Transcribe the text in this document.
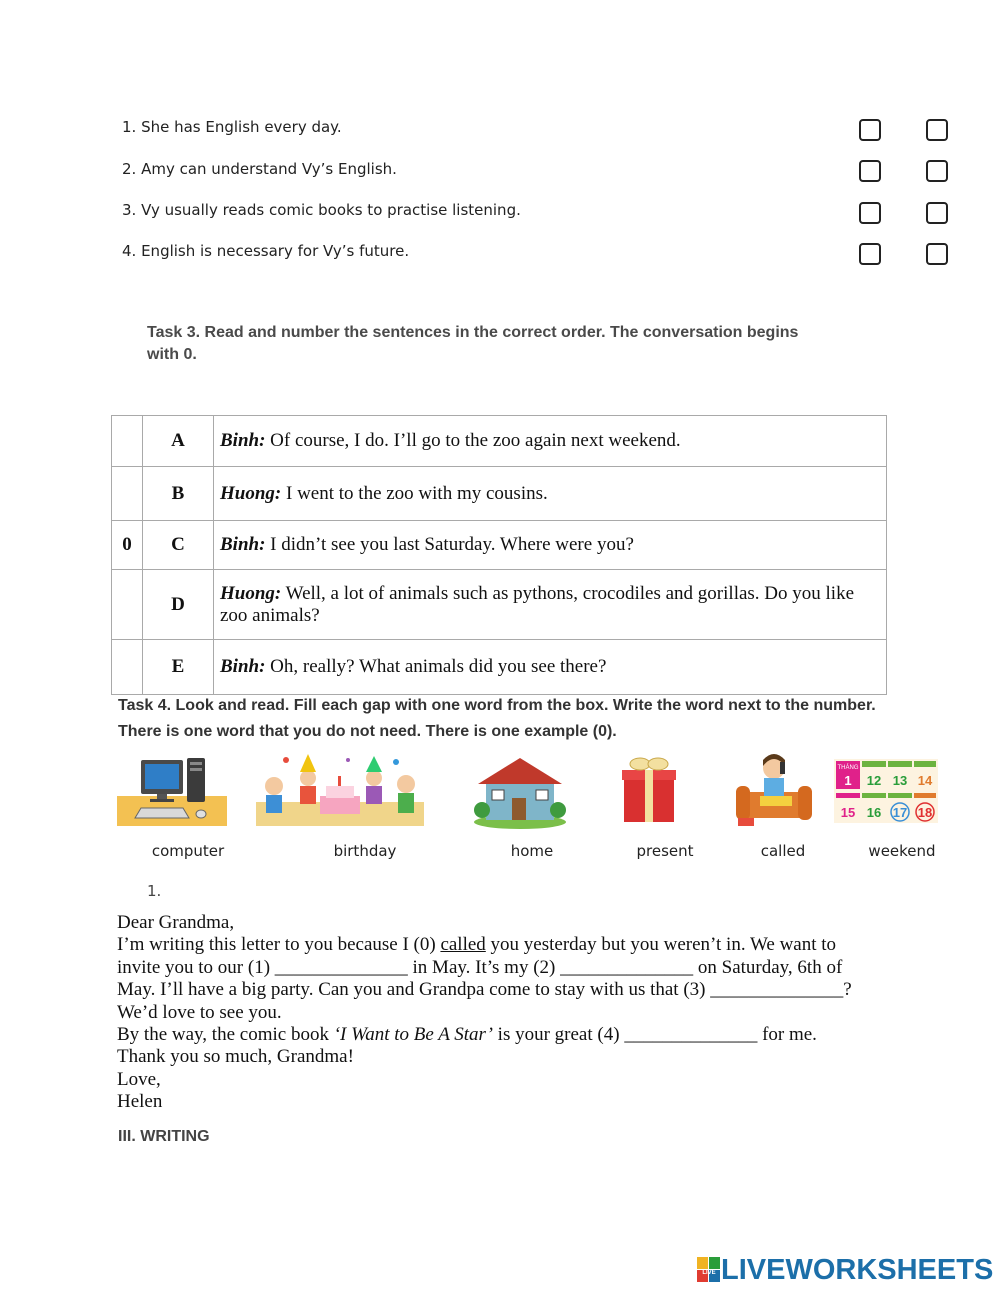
1. She has English every day.
2. Amy can understand Vy’s English.
3. Vy usually reads comic books to practise listening.
4. English is necessary for Vy’s future.
Task 3. Read and number the sentences in the correct order. The conversation begins
with 0.
	A	Binh: Of course, I do. I’ll go to the zoo again next weekend.
	B	Huong: I went to the zoo with my cousins.
0	C	Binh: I didn’t see you last Saturday. Where were you?
	D	Huong: Well, a lot of animals such as pythons, crocodiles and gorillas. Do you like zoo animals?
	E	Binh: Oh, really? What animals did you see there?
Task 4. Look and read. Fill each gap with one word from the box. Write the word next to the number. There is one word that you do not need. There is one example (0).
THÁNG
1 12 13 14
15 16 17 18
computer	birthday	home	present	called	weekend
1.

Dear Grandma,

I’m writing this letter to you because I (0) called you yesterday but you weren’t in. We want to

invite you to our (1) ______________ in May. It’s my (2) ______________ on Saturday, 6th of

May. I’ll have a big party. Can you and Grandpa come to stay with us that (3) ______________?

We’d love to see you.

By the way, the comic book ‘I Want to Be A Star’ is your great (4) ______________ for me.

Thank you so much, Grandma!

Love,

Helen

III. WRITING
LIVE LIVEWORKSHEETS
